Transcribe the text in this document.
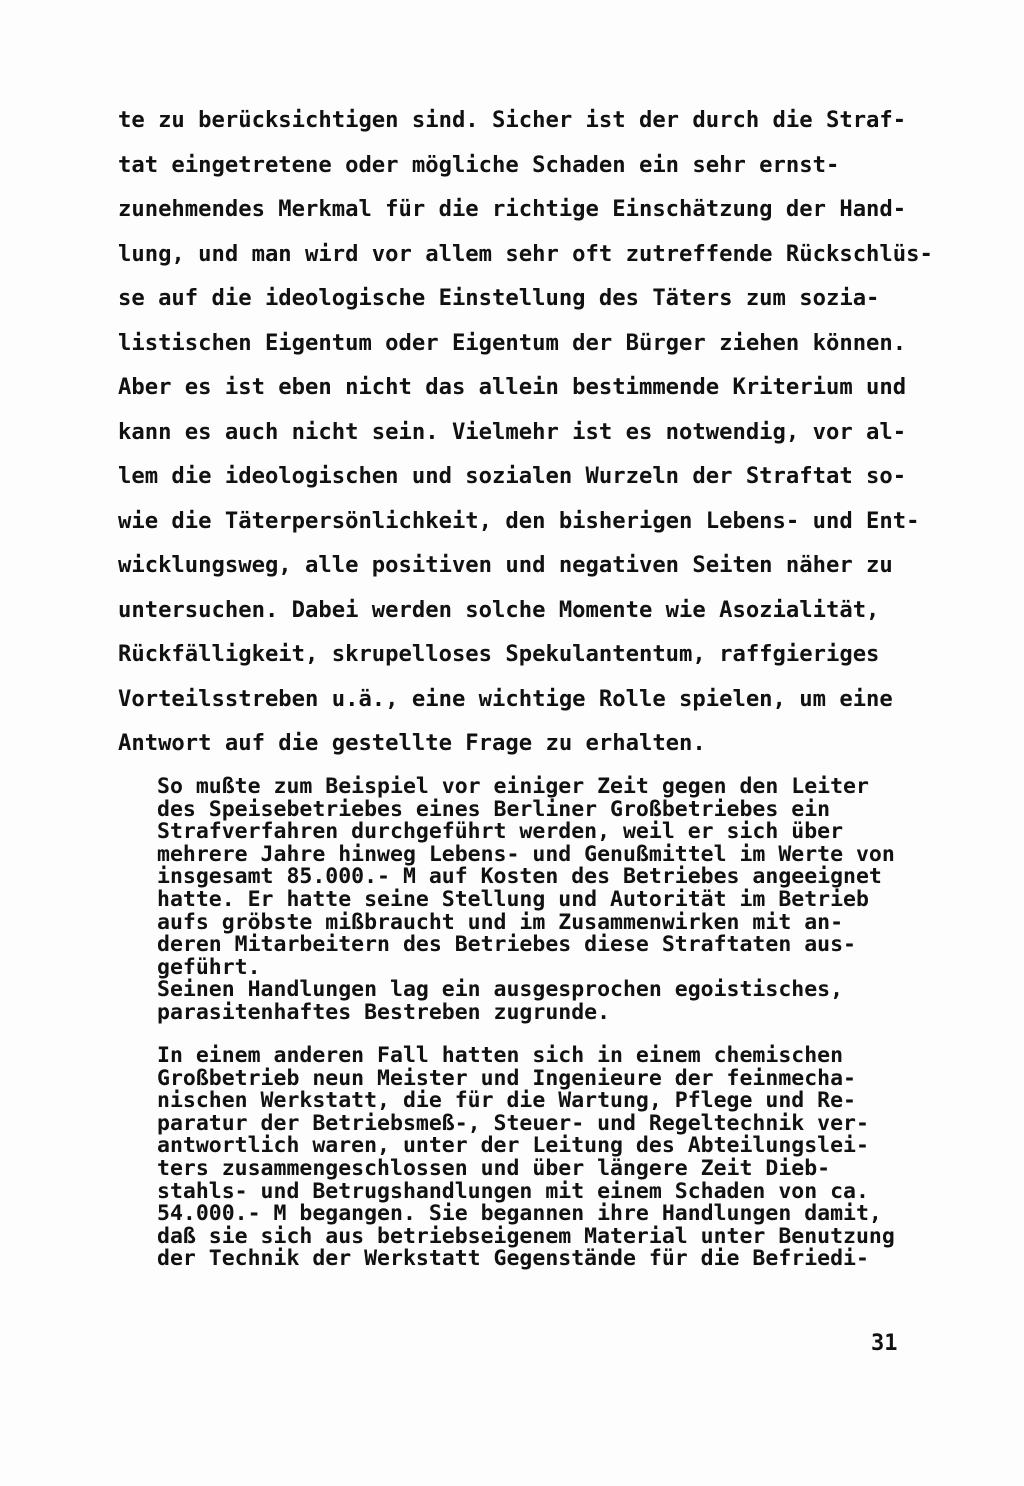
te zu berücksichtigen sind. Sicher ist der durch die Straf-
tat eingetretene oder mögliche Schaden ein sehr ernst-
zunehmendes Merkmal für die richtige Einschätzung der Hand-
lung, und man wird vor allem sehr oft zutreffende Rückschlüs-
se auf die ideologische Einstellung des Täters zum sozia-
listischen Eigentum oder Eigentum der Bürger ziehen können.
Aber es ist eben nicht das allein bestimmende Kriterium und
kann es auch nicht sein. Vielmehr ist es notwendig, vor al-
lem die ideologischen und sozialen Wurzeln der Straftat so-
wie die Täterpersönlichkeit, den bisherigen Lebens- und Ent-
wicklungsweg, alle positiven und negativen Seiten näher zu
untersuchen. Dabei werden solche Momente wie Asozialität,
Rückfälligkeit, skrupelloses Spekulantentum, raffgieriges
Vorteilsstreben u.ä., eine wichtige Rolle spielen, um eine
Antwort auf die gestellte Frage zu erhalten.
So mußte zum Beispiel vor einiger Zeit gegen den Leiter
des Speisebetriebes eines Berliner Großbetriebes ein
Strafverfahren durchgeführt werden, weil er sich über
mehrere Jahre hinweg Lebens- und Genußmittel im Werte von
insgesamt 85.000.- M auf Kosten des Betriebes angeeignet
hatte. Er hatte seine Stellung und Autorität im Betrieb
aufs gröbste mißbraucht und im Zusammenwirken mit an-
deren Mitarbeitern des Betriebes diese Straftaten aus-
geführt.
Seinen Handlungen lag ein ausgesprochen egoistisches,
parasitenhaftes Bestreben zugrunde.
In einem anderen Fall hatten sich in einem chemischen
Großbetrieb neun Meister und Ingenieure der feinmecha-
nischen Werkstatt, die für die Wartung, Pflege und Re-
paratur der Betriebsmeß-, Steuer- und Regeltechnik ver-
antwortlich waren, unter der Leitung des Abteilungslei-
ters zusammengeschlossen und über längere Zeit Dieb-
stahls- und Betrugshandlungen mit einem Schaden von ca.
54.000.- M begangen. Sie begannen ihre Handlungen damit,
daß sie sich aus betriebseigenem Material unter Benutzung
der Technik der Werkstatt Gegenstände für die Befriedi-
31
